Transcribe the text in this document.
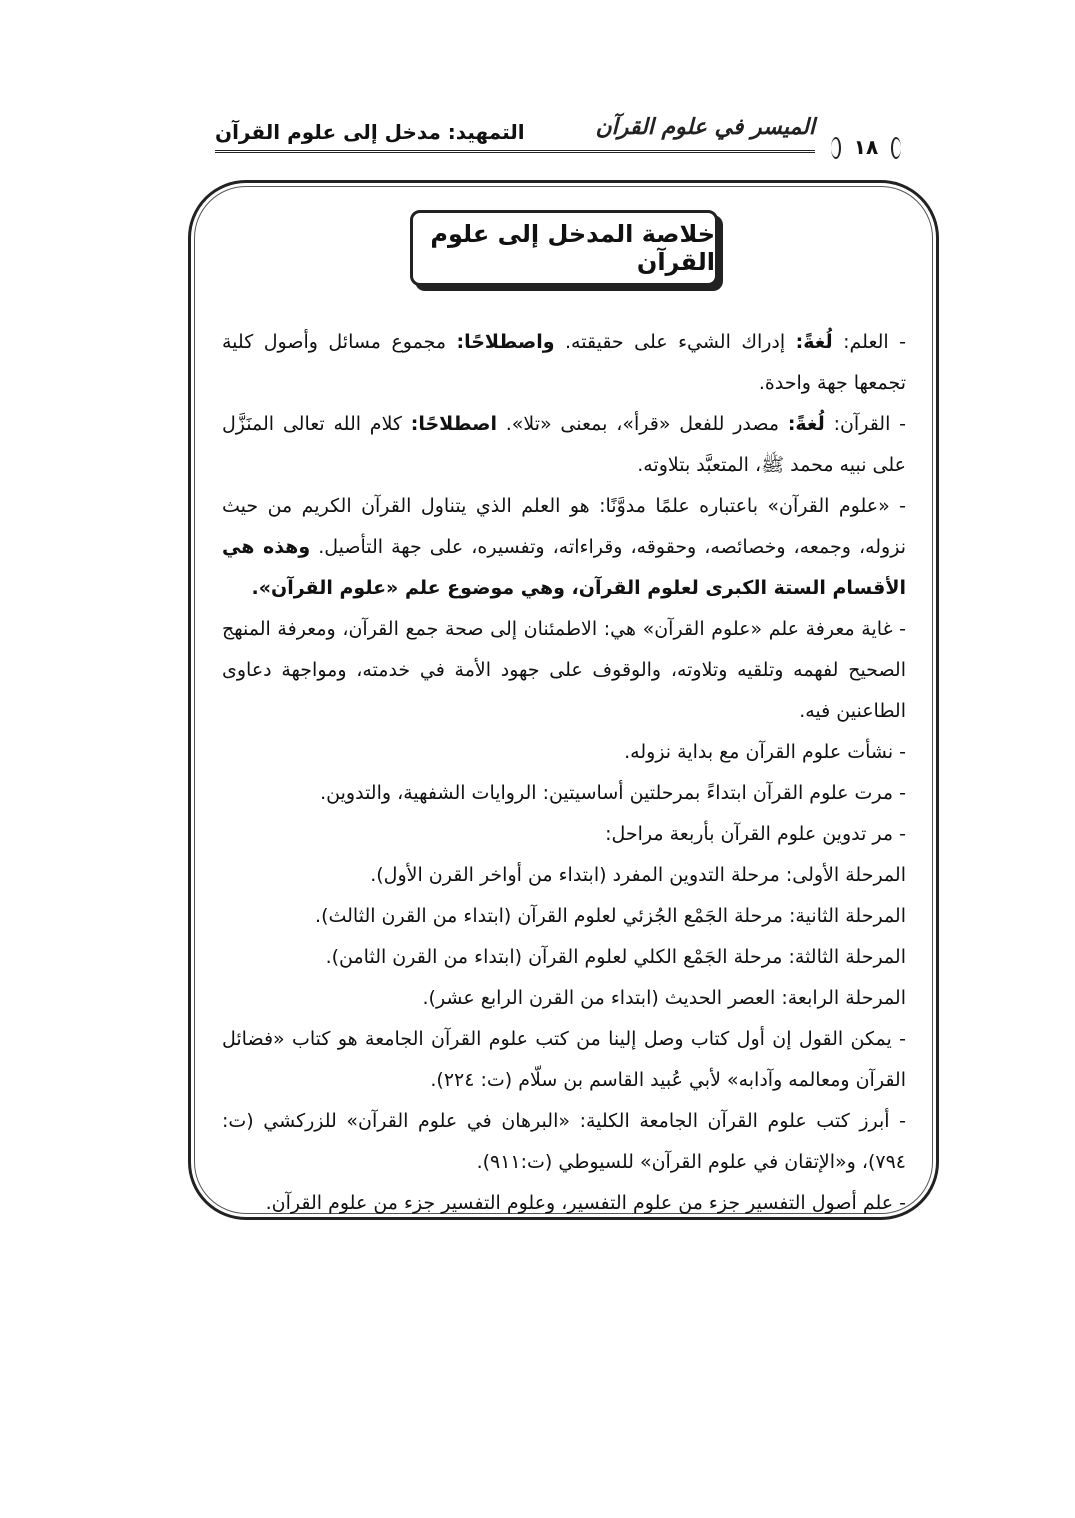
الميسر في علوم القرآن
١٨
التمهيد: مدخل إلى علوم القرآن
خلاصة المدخل إلى علوم القرآن

- العلم: لُغةً: إدراك الشيء على حقيقته. واصطلاحًا: مجموع مسائل وأصول كلية تجمعها جهة واحدة.

- القرآن: لُغةً: مصدر للفعل «قرأ»، بمعنى «تلا». اصطلاحًا: كلام الله تعالى المنَزَّل على نبيه محمد ﷺ، المتعبَّد بتلاوته.

- «علوم القرآن» باعتباره علمًا مدوَّنًا: هو العلم الذي يتناول القرآن الكريم من حيث نزوله، وجمعه، وخصائصه، وحقوقه، وقراءاته، وتفسيره، على جهة التأصيل. وهذه هي الأقسام الستة الكبرى لعلوم القرآن، وهي موضوع علم «علوم القرآن».

- غاية معرفة علم «علوم القرآن» هي: الاطمئنان إلى صحة جمع القرآن، ومعرفة المنهج الصحيح لفهمه وتلقيه وتلاوته، والوقوف على جهود الأمة في خدمته، ومواجهة دعاوى الطاعنين فيه.

- نشأت علوم القرآن مع بداية نزوله.

- مرت علوم القرآن ابتداءً بمرحلتين أساسيتين: الروايات الشفهية، والتدوين.

- مر تدوين علوم القرآن بأربعة مراحل:

المرحلة الأولى: مرحلة التدوين المفرد (ابتداء من أواخر القرن الأول).

المرحلة الثانية: مرحلة الجَمْع الجُزئي لعلوم القرآن (ابتداء من القرن الثالث).

المرحلة الثالثة: مرحلة الجَمْع الكلي لعلوم القرآن (ابتداء من القرن الثامن).

المرحلة الرابعة: العصر الحديث (ابتداء من القرن الرابع عشر).

- يمكن القول إن أول كتاب وصل إلينا من كتب علوم القرآن الجامعة هو كتاب «فضائل القرآن ومعالمه وآدابه» لأبي عُبيد القاسم بن سلّام (ت: ٢٢٤).

- أبرز كتب علوم القرآن الجامعة الكلية: «البرهان في علوم القرآن» للزركشي (ت: ٧٩٤)، و«الإتقان في علوم القرآن» للسيوطي (ت:٩١١).

- علم أصول التفسير جزء من علوم التفسير، وعلوم التفسير جزء من علوم القرآن.
